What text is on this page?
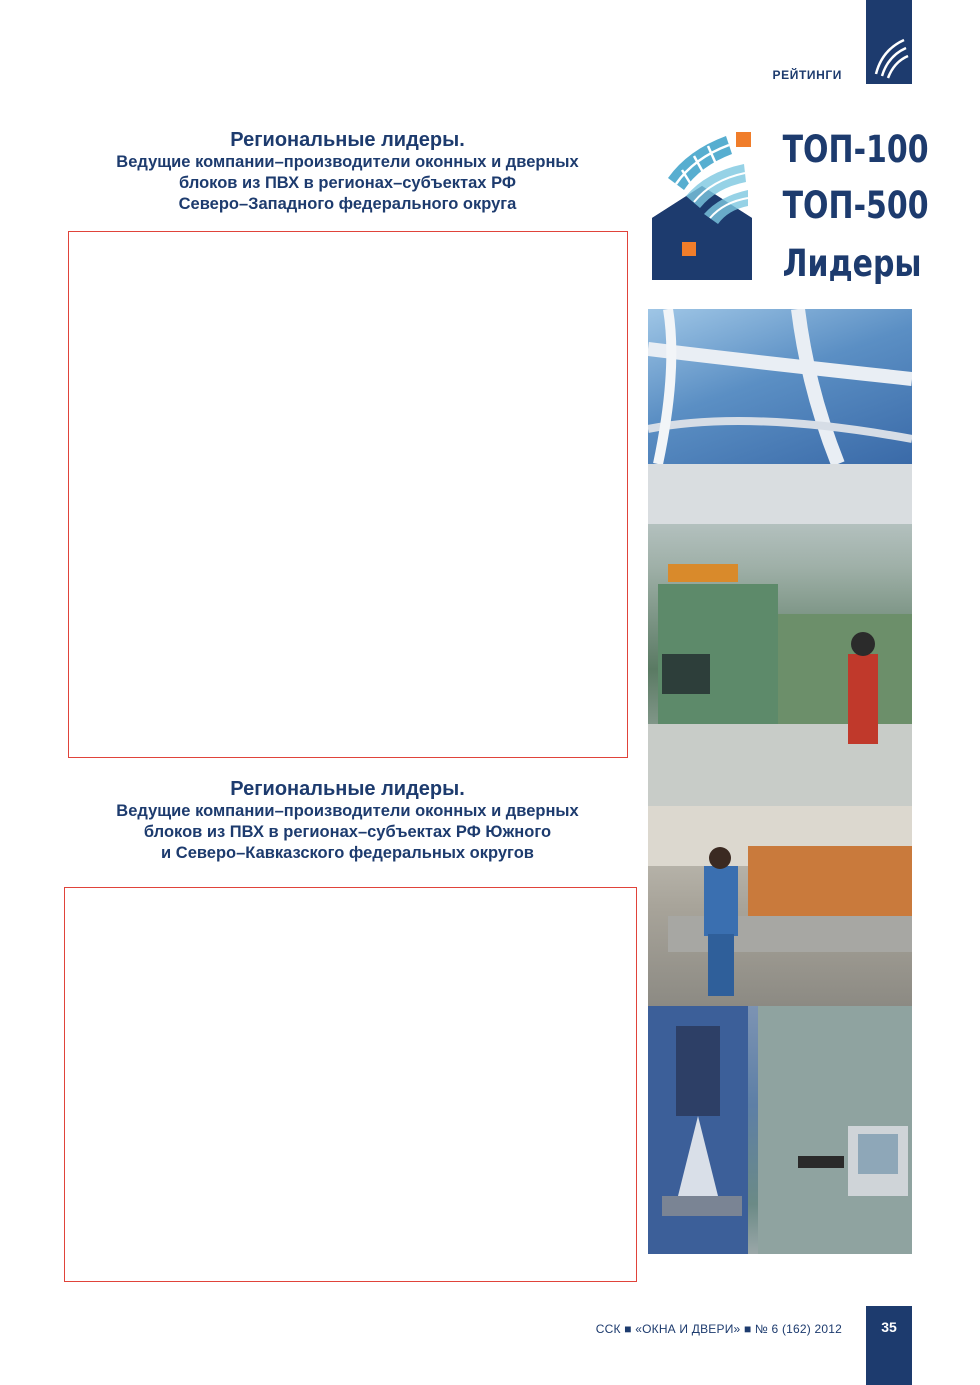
РЕЙТИНГИ
Региональные лидеры.
Ведущие компании–производители оконных и дверных
блоков из ПВХ в регионах–субъектах РФ
Северо–Западного федерального округа
Региональные лидеры.
Ведущие компании–производители оконных и дверных
блоков из ПВХ в регионах–субъектах РФ Южного
и Северо–Кавказского федеральных округов
ТОП-100
ТОП-500
Лидеры
ССК ■ «ОКНА И ДВЕРИ» ■ № 6 (162) 2012	35
